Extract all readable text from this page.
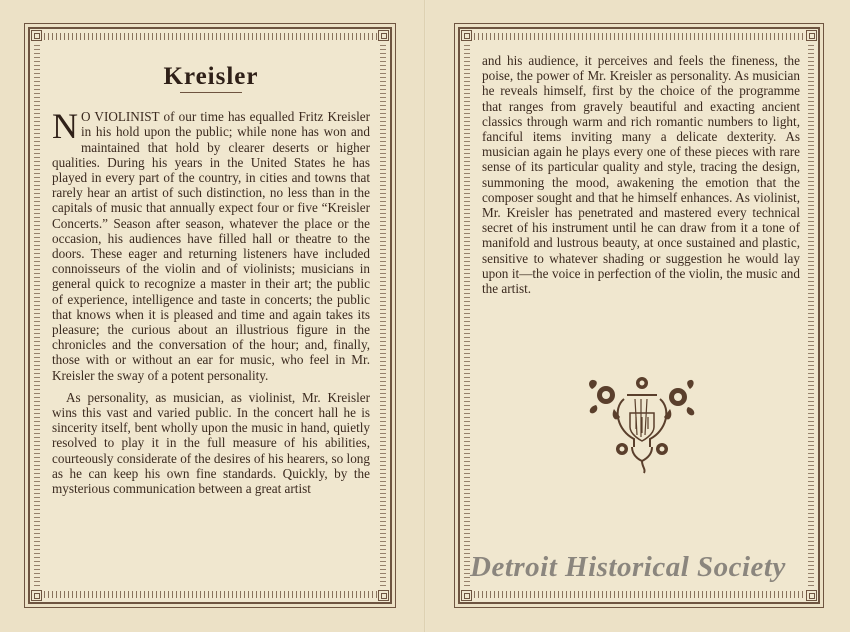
Kreisler

N O VIOLINIST of our time has equalled Fritz Kreisler in his hold upon the public; while none has won and maintained that hold by clearer deserts or higher qualities. During his years in the United States he has played in every part of the country, in cities and towns that rarely hear an artist of such distinction, no less than in the capitals of music that annually expect four or five “Kreisler Concerts.” Season after season, whatever the place or the occasion, his audiences have filled hall or theatre to the doors. These eager and returning listeners have included connoisseurs of the violin and of violinists; musicians in general quick to recognize a master in their art; the public of experience, intelligence and taste in concerts; the public that knows when it is pleased and time and again takes its pleasure; the curious about an illustrious figure in the chronicles and the conversation of the hour; and, finally, those with or without an ear for music, who feel in Mr. Kreisler the sway of a potent personality.

As personality, as musician, as violinist, Mr. Kreisler wins this vast and varied public. In the concert hall he is sincerity itself, bent wholly upon the music in hand, quietly resolved to play it in the full measure of his abilities, courteously considerate of the desires of his hearers, so long as he can keep his own fine standards. Quickly, by the mysterious communication between a great artist

and his audience, it perceives and feels the fineness, the poise, the power of Mr. Kreisler as personality. As musician he reveals himself, first by the choice of the programme that ranges from gravely beautiful and exacting ancient classics through warm and rich romantic numbers to light, fanciful items inviting many a delicate dexterity. As musician again he plays every one of these pieces with rare sense of its particular quality and style, tracing the design, summoning the mood, awakening the emotion that the composer sought and that he himself enhances. As violinist, Mr. Kreisler has penetrated and mastered every technical secret of his instrument until he can draw from it a tone of manifold and lustrous beauty, at once sustained and plastic, sensitive to whatever shading or suggestion he would lay upon it—the voice in perfection of the violin, the music and the artist.

Detroit Historical Society
